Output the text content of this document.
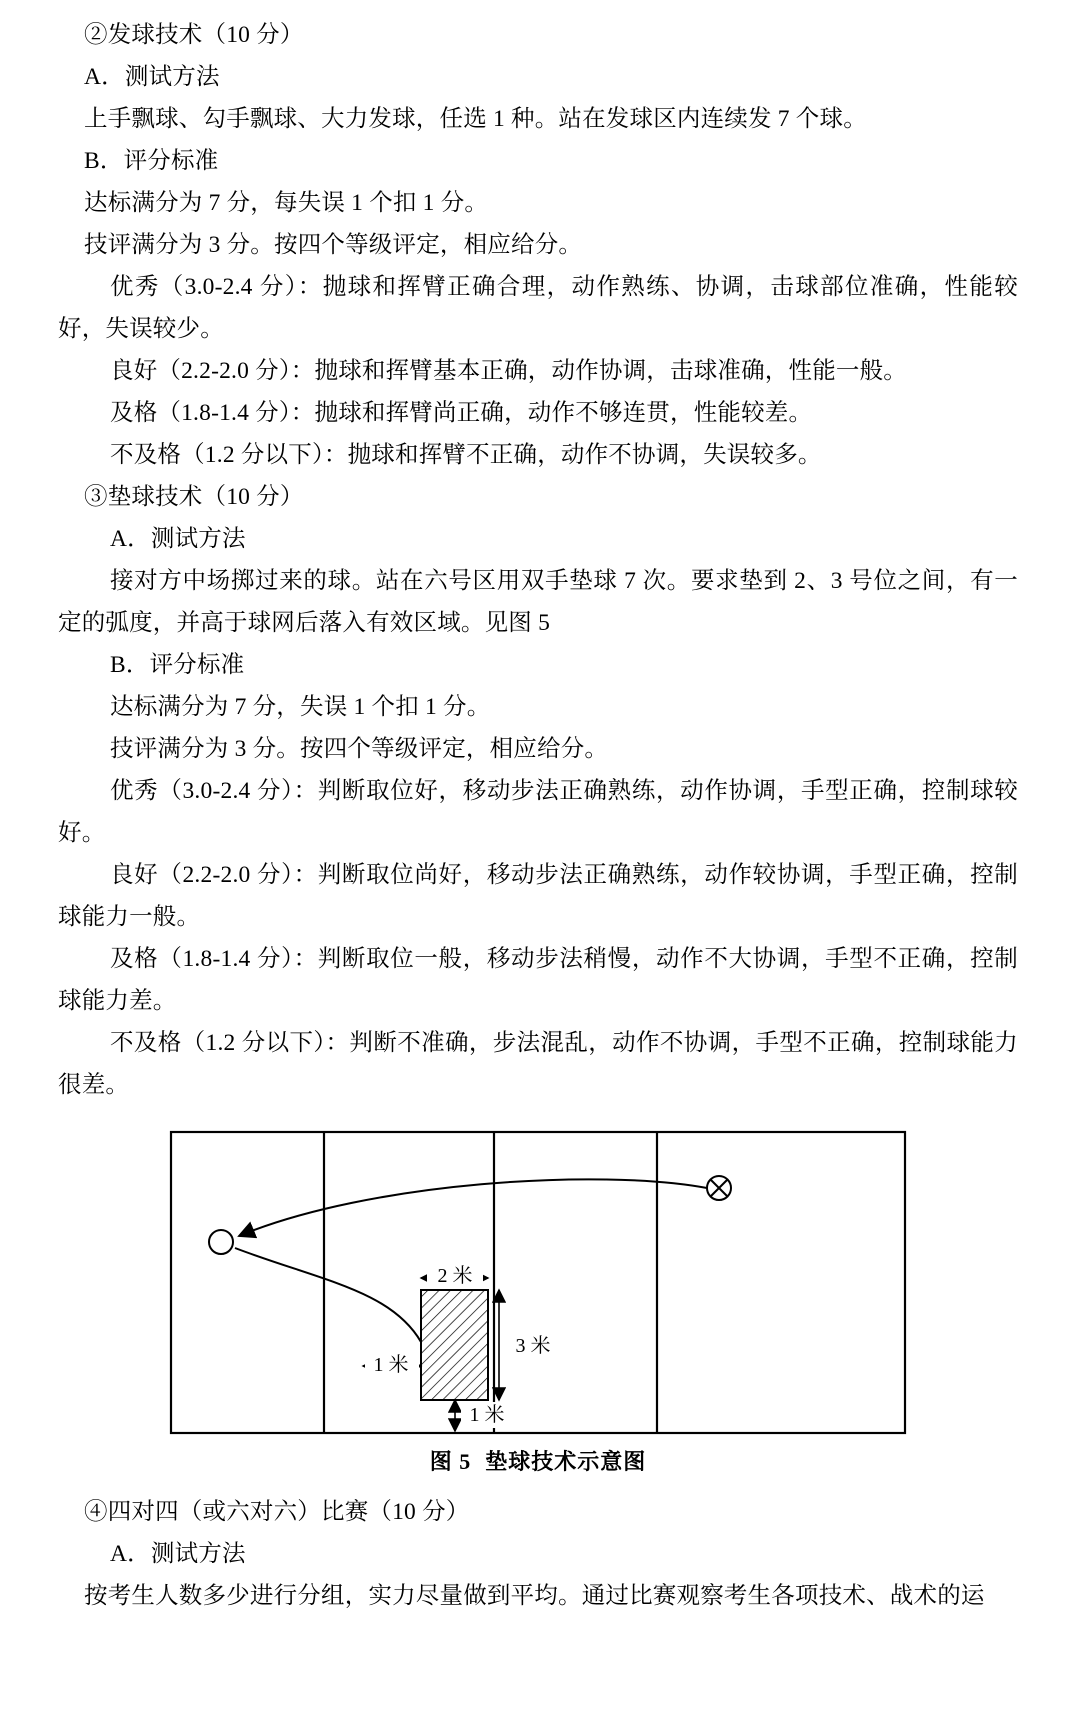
②发球技术（10 分）

A．测试方法

上手飘球、勾手飘球、大力发球，任选 1 种。站在发球区内连续发 7 个球。

B．评分标准

达标满分为 7 分，每失误 1 个扣 1 分。

技评满分为 3 分。按四个等级评定，相应给分。

优秀（3.0-2.4 分）：抛球和挥臂正确合理，动作熟练、协调，击球部位准确，性能较好，失误较少。

良好（2.2-2.0 分）：抛球和挥臂基本正确，动作协调，击球准确，性能一般。

及格（1.8-1.4 分）：抛球和挥臂尚正确，动作不够连贯，性能较差。

不及格（1.2 分以下）：抛球和挥臂不正确，动作不协调，失误较多。

③垫球技术（10 分）

A．测试方法

接对方中场掷过来的球。站在六号区用双手垫球 7 次。要求垫到 2、3 号位之间，有一定的弧度，并高于球网后落入有效区域。见图 5

B．评分标准

达标满分为 7 分，失误 1 个扣 1 分。

技评满分为 3 分。按四个等级评定，相应给分。

优秀（3.0-2.4 分）：判断取位好，移动步法正确熟练，动作协调，手型正确，控制球较好。

良好（2.2-2.0 分）：判断取位尚好，移动步法正确熟练，动作较协调，手型正确，控制球能力一般。

及格（1.8-1.4 分）：判断取位一般，移动步法稍慢，动作不大协调，手型不正确，控制球能力差。

不及格（1.2 分以下）：判断不准确，步法混乱，动作不协调，手型不正确，控制球能力很差。

2 米
3 米
1 米
1 米
图 5 垫球技术示意图

④四对四（或六对六）比赛（10 分）

A．测试方法

按考生人数多少进行分组，实力尽量做到平均。通过比赛观察考生各项技术、战术的运
